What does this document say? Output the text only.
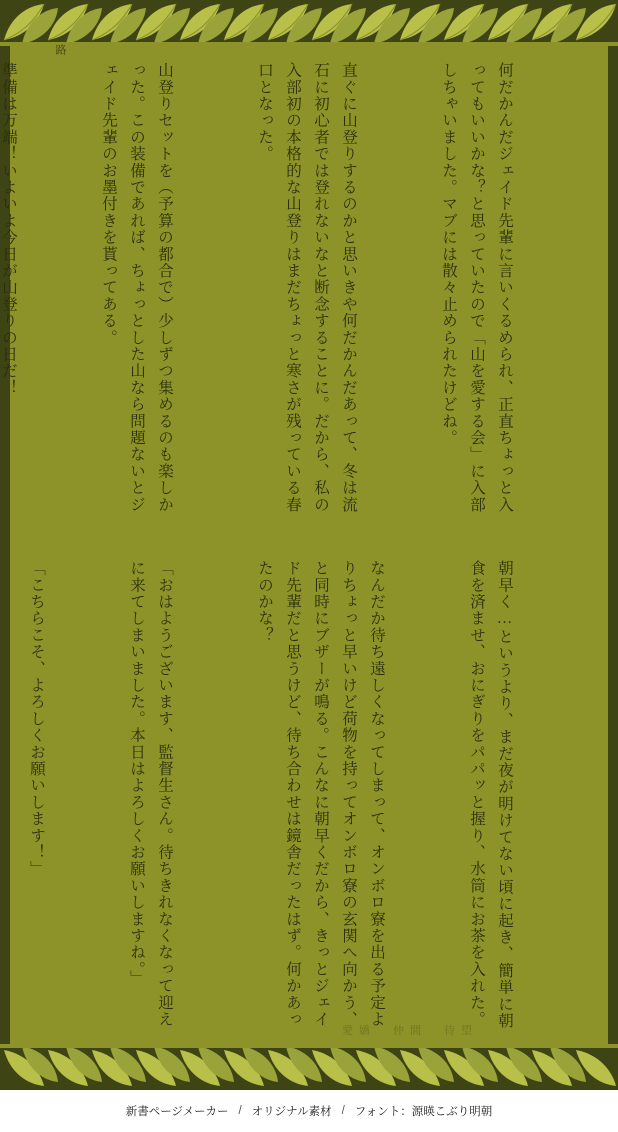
路

何だかんだジェイド先輩に言いくるめられ、正直ちょっと入ってもいいかな？と思っていたので「山を愛する会」に入部しちゃいました。マブには散々止められたけどね。

直ぐに山登りするのかと思いきや何だかんだあって、冬は流石に初心者では登れないなと断念することに。だから、私の入部初の本格的な山登りはまだちょっと寒さが残っている春口となった。

山登りセットを（予算の都合で）少しずつ集めるのも楽しかった。この装備であれば、ちょっとした山なら問題ないとジェイド先輩のお墨付きを貰ってある。

準備は万端！いよいよ今日が山登りの日だ！

朝早く…というより、まだ夜が明けてない頃に起き、簡単に朝食を済ませ、おにぎりをパパッと握り、水筒にお茶を入れた。

なんだか待ち遠しくなってしまって、オンボロ寮を出る予定よりちょっと早いけど荷物を持ってオンボロ寮の玄関へ向かう、と同時にブザーが鳴る。こんなに朝早くだから、きっとジェイド先輩だと思うけど、待ち合わせは鏡舎だったはず。何かあったのかな？

「おはようございます、監督生さん。待ちきれなくなって迎えに来てしまいました。本日はよろしくお願いしますね。」

「こちらこそ、よろしくお願いします！」

愛嬌　仲間　待望
新書ページメーカー / オリジナル素材 / フォント：源暎こぶり明朝
